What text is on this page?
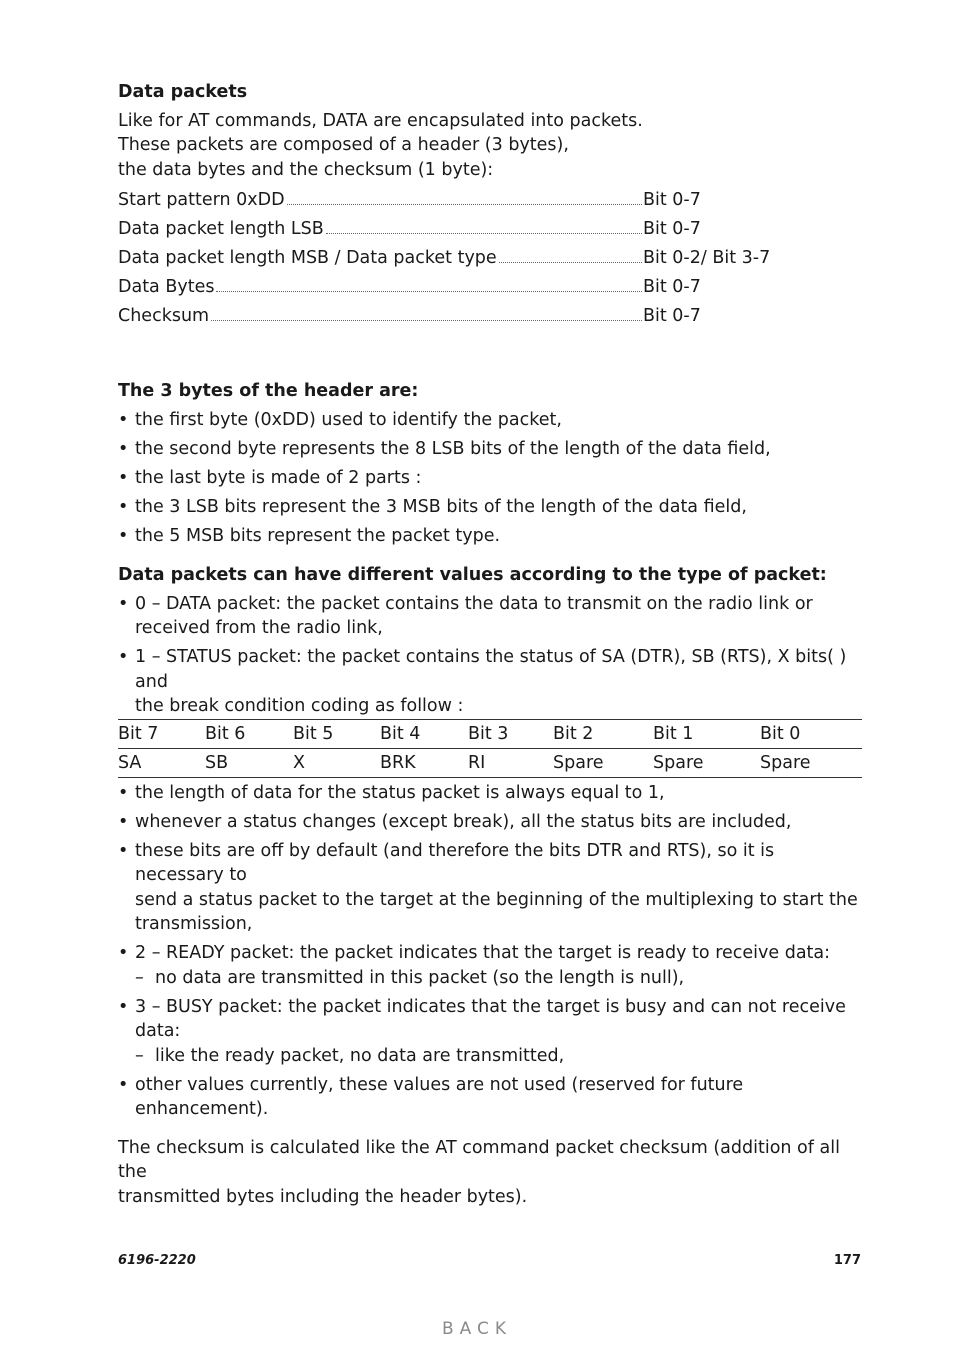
Data packets

Like for AT commands, DATA are encapsulated into packets.
These packets are composed of a header (3 bytes),
the data bytes and the checksum (1 byte):

Start pattern 0xDD	Bit 0-7
Data packet length LSB	Bit 0-7
Data packet length MSB / Data packet type	Bit 0-2/ Bit 3-7
Data Bytes	Bit 0-7
Checksum	Bit 0-7

The 3 bytes of the header are:

• the first byte (0xDD) used to identify the packet,
• the second byte represents the 8 LSB bits of the length of the data field,
• the last byte is made of 2 parts :
• the 3 LSB bits represent the 3 MSB bits of the length of the data field,
• the 5 MSB bits represent the packet type.

Data packets can have different values according to the type of packet:

• 0 – DATA packet: the packet contains the data to transmit on the radio link or
received from the radio link,
• 1 – STATUS packet: the packet contains the status of SA (DTR), SB (RTS), X bits( ) and
the break condition coding as follow :
Bit 7	Bit 6	Bit 5	Bit 4	Bit 3	Bit 2	Bit 1	Bit 0
SA	SB	X	BRK	RI	Spare	Spare	Spare
• the length of data for the status packet is always equal to 1,
• whenever a status changes (except break), all the status bits are included,
• these bits are off by default (and therefore the bits DTR and RTS), so it is necessary to
send a status packet to the target at the beginning of the multiplexing to start the
transmission,
• 2 – READY packet: the packet indicates that the target is ready to receive data:
– no data are transmitted in this packet (so the length is null),
• 3 – BUSY packet: the packet indicates that the target is busy and can not receive data:
– like the ready packet, no data are transmitted,
• other values currently, these values are not used (reserved for future enhancement).

The checksum is calculated like the AT command packet checksum (addition of all the
transmitted bytes including the header bytes).

6196-2220	177
BACK
